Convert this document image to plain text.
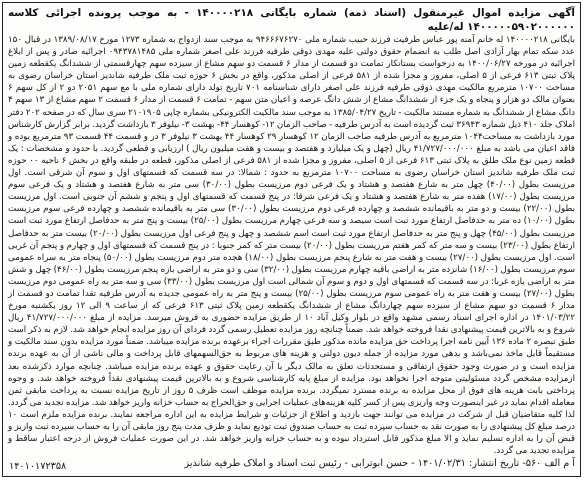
آگهی مزایده اموال غیرمنقول (اسناد ذمه) شماره بایگانی ۱۴۰۰۰۰۲۱۸ - به موجب پرونده اجرائی کلاسه ۱۴۰۰۰۰۰۵۹۰۲۰۰۰۰۰۰ له/علیه

بایگانی ۱۴۰۰۰۰۲۱۸ له خانم آمنه پور عباس طرفیت فرزند حبیب شماره ملی ۹۴۶۶۶۷۶۲۷۰ به موجب سند ازدواج به شماره ۱۲۷۳ مورخ ۱۳۸۹/۰۸/۱۷ در قبال ۱۵۰ عدد سکه تمام بهار آزادی اصل طلب به انضمام حقوق دولتی علیه مهدی ذوقی طرفیه فرزند علی اصغر شماره ملی ۰۹۴۳۷۸۱۴۸۵ اجرائیه صادر و پس از ابلاغ اجرائیه در مورخه ۱۴۰۰/۰۶/۲۷ به درخواست بستانکار تمامت دو قسمت از مدار ۶ قسمت دو سهم مشاع از سیزده سهم چهارقسمتی از ششدانگ یکقطعه زمین پلاک ثبتی ۶۱۳ فرعی از ۵ اصلی، مفروز و مجزا شده از ۵۸۱ فرعی از اصلی مذکور، واقع در بخش ۶ حوزه ثبت ملک طرفیه شاندیز استان خراسان رضوی به مساحت ۱۰۷۰۰ مترمربع مالکیت مهدی ذوقی طرفیه فرزند علی اصغر دارای شناسنامه ۷۰۱ تاریخ تولد دارای شماره ملی با مع سهم ۲۰۵۱ دو ۲ از کل سهم ۶ بعنوان مالک دو هزار و پنجاه و یک جزء از ششدانگ مشاع از شش دانگ عرصه و اعیان متن سهم - تمامت ۶ قسمت از مدار ۶ قسمت ۲ سهم مشاع از ۱۳ سهم ۴ دانگ مشاع از ششدانگ به شماره مستند مالکیت - تاریخ ۱۳۸۵/۰۴/۲۷ به موجب سند مالکیت الکترونیکی بشماره چاپی ۲۱۰۱۹۰۵ سری سال که در صفحه ۲۰۲ دفتر املاک جلد ۴۱۰ ذیل شماره ۳۶۹۴۳ ثبت گردیده است به آدرس طرفیه - صاحب الزمان ۱۲- کوهسار ۴۴- بهشت ۳- نیلوفر ۳ بازداشت گردید. برابر گزارش کارشناس مورد بازداشت به مساحت۱۰۴۴ مترمربع به آدرس طرفیه صاحب الزمان ۱۲ کوهسار ۲۹ کوهسار ۴۴ بهشت ۳ نیلوفر ۳ در و قسمت ۴۴ قسمت ۹۳ مترمربع بوده و فاقد اعیان می باشد به مبلغ ۴۱/۷۲۷/۰۰۰/۰۰۰ ریال (چهل و یک میلیارد و هفتصد و بیست و هفت میلیون ریال ) ارزیابی و قطعی گردید. با حدود و مشخصات : یک قطعه زمین نوع ملک طلق به پلاک ثبتی ۶۱۳ فرعی از ۵ اصلی، مفروز و مجزا شده از ۵۸۱ فرعی از اصلی مذکور، قطعه در طبقه واقع در بخش ۶ ناحیه ۰۰ حوزه ثبت ملک طرفیه شاندیز استان خراسان رضوی به مساحت ۱۰۷۰۰ مترمربع به حدود : شمالا: در سه قسمت که قسمتهای اول و سوم آن شرقی است. اول مرزیست بطول (۴۰/۰۰) چهل متر به شارع هفتصد و هشتاد و یک فرعی دوم مرزیست بطول (۳۰/۰۰) سی متر به شارع هفتصد و هشتاد و یک فرعی سوم مرزیست بطول (۱۷/۰۰) هفده متر به شارع هفتصد و هشتاد و یک فرعی شرقا: در پنج قسمت که قسمتهای اول و پنجم و ششم آن جنوبی است. اول مرزیست بطول (۲۲/۰۰) بیست و دو متر به باقیمانده ششصد و چهارده فرعی دوم مرزیست بطول (۳۰/۰۰) سی متر به باقیمانده ششصد و چهارده فرعی سوم مرزیست بطول (۱۰/۰۰) ده متر به حدفاصل ارتفاع مورد ثبت است سیصد و سه فرعی چهارم مرزیست بطول (۲۵/۰۰) بیست و پنج متر به حدفاصل ارتفاع مورد ثبت است مرزیست بطول (۴۵/۰۰) چهل و پنج متر به حدفاصل ارتفاع مورد ثبت است اسم ششصد و چهل و پنج فرعی اول مرزیست بطول (۲۰/۰۰) بیست متر به حدفاصل ارتفاع بطول (۲۳/۰۰) بیست و سه متر که کمر هفتم مرزیست بطول (۲۰/۰۰) بیست متر که کمر جنوبا : در پنج قسمت که قسمتهای اول و چهارم و پنجم آن غربی است. اول مرزیست بطول (۲۷/۰۰) بیست و هفت متر به شارع پنجم مرزیست بطول (۱۸/۰۰) هجده متر دوم مرزیست بطول (۵۰/۰۰) پنجاه متر به سراه عمومی سوم مرزیست بطول (۱۶/۰۰) شانزده متر به اراضی باقیه چهارم مرزیست بطول (۳۲/۰۰) سی و دو متر به اراضی بازه پنجم مرزیست بطول (۴۶/۰۰) چهل و شش متر به اراضی بازه غربا: در سه قسمت که قسمتهای اول و دوم و سوم آن شمالی است اول مرزیست بطول (۳۳/۰۰) سی و سه متر به راه عمومی دوم مرزیست بطول (۲۷/۰۰) بیست و هفت متر به راه عمومی سوم مرزیست بطول (۲۵/۰۰) بیست و پنج متر به راه عمومی جدیده به آدرس طرفیه تقدا تمامت دو قسمت از مدار ۶ قسمت دو سهم مشاع از سیزده سهم چهاردانگ مشاع از ششدانگ یکقطعه زمین پلاک ثبتی ۶۱۳ فرعی که از ساعت ۹ الی ۱۲ روز یکشنبه مورخ ۱۴۰۱/۰۳/۲۲ در اداره اجرای اسناد رسمی مشهد واقع در بلوار وکیل آباد ۱۰ از طریق مزایده حضوری به فروش میرسد. مزایده از مبلغ ۴۱/۷۲۷/۰۰۰/۰۰۰ ریال شروع و به بالاترین قیمت پیشنهادی نقدا فروخته خواهد شد. ضمناً چنانچه روز مزایده تعطیل رسمی گردد فردای آن روز مزایده انجام خواهد شد. لازم به ذکر است طبق تبصره ۲ ماده ۱۳۶ آیین نامه اجرا پرداخت حق مزایده مانده مذکور طبق مقررات اجراء برعهده برنده مزایده میباشد. ضمناً مورد مزایده بدون سند مالکیت و مستقیماً قابل ماخذ نمی‌باشد و بدهی مورد مزایده از جمله دیون دولتی و هزینه های مربوط به حق‌السهمهای قابل پرداخت و مالی ناشی از آن به عهده برنده مزایده است و در صورت وجود حقوق ارتفاقی و مستحدثات تعلق به مالک دیگر با آن رعایت حقوق و عهده برنده مزایده میباشد. چنانچه موارد ذکرشده بعد ازمزایده مشخص گردد مسئولیتی متوجه اجرا نخواهد بود. مزایده از مبلغ پایه کارشناسی شروع و به بالاترین قیمت پیشنهادی نقداً فروخته خواهد شد. و وجوه پرداختی بابت هزینه های فوق از محل مزایده به برنده مسترد نمیگردد. برنده مزایده موظف است ظرف ۵ روز از تاریخ مزایده نسبت به پرداخت مابقی ثمن معامله اقدام نماید در غیر اینصورت وجه واریزی پس از کسر کلیه هزینه‌های عملیات اجرایی و حق‌الحراج به حساب خزانه واریز خواهد شد. مزایده تجدید می گردد. لذا کلیه متقاضیان قبل از شرکت در مزایده می توانند جهت بازدید و اطلاع از جزئیات و شرایط مزایده به این اداره مراجعه نمایند. برنده مزایده ملزم است ۱۰ درصد مبلغ کل پیشنهادی را به صورت نقد به حساب سپرده ثبت به حساب صندوق ثبت تودیع نماید و ظرف مدت پنج روز مابقی آن را به حساب سپرده ثبت واریز و قبض آن را به اداره تسلیم نماید و الا مبلغ مذکور قابل استرداد نبوده و به حساب خزانه واریز خواهد شد. در این صورت عملیات فروش از درجه اعتبار ساقط و مزایده تجدید می گردد.

آ م الف ۵۶۰- تاریخ انتشار: ۱۴۰۱/۰۲/۳۱ - حسن ابوترابی - رئیس ثبت اسناد و املاک طرفیه شاندیز

۱۴۰۱۰۱۷۲۳۵۸
